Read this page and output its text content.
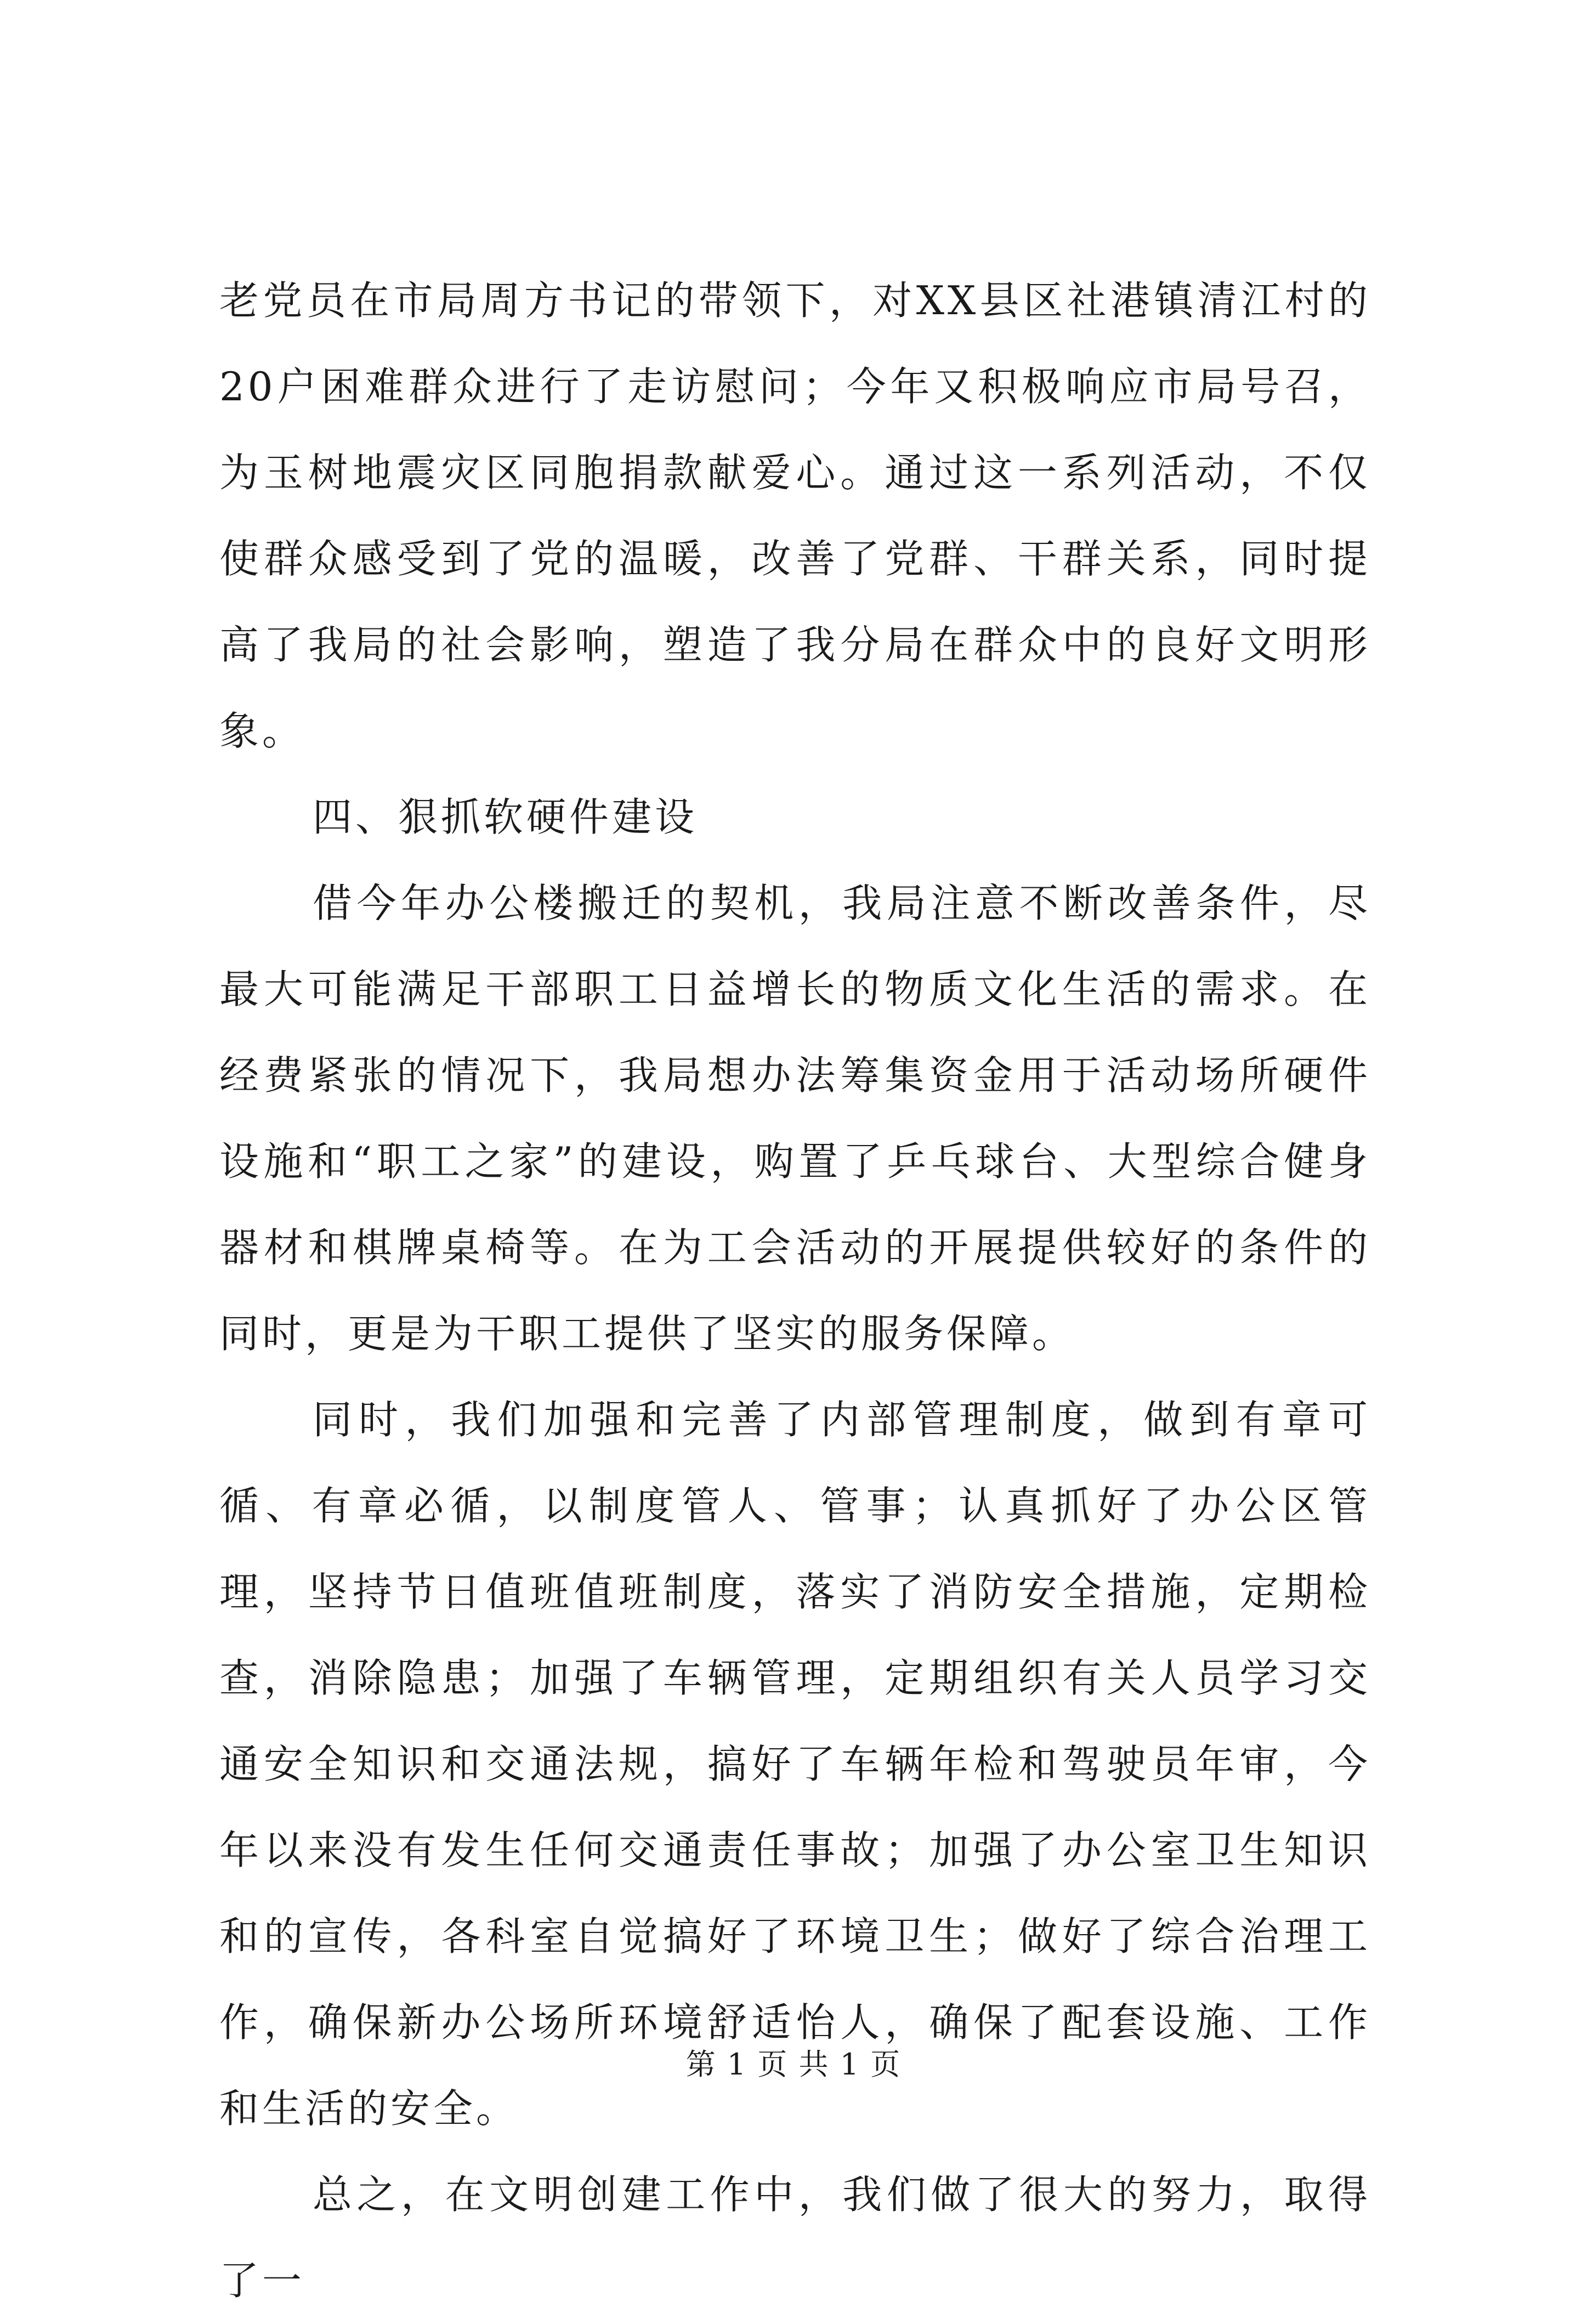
老党员在市局周方书记的带领下，对XX县区社港镇清江村的20户困难群众进行了走访慰问；今年又积极响应市局号召，为玉树地震灾区同胞捐款献爱心。通过这一系列活动，不仅使群众感受到了党的温暖，改善了党群、干群关系，同时提高了我局的社会影响，塑造了我分局在群众中的良好文明形象。

四、狠抓软硬件建设

借今年办公楼搬迁的契机，我局注意不断改善条件，尽最大可能满足干部职工日益增长的物质文化生活的需求。在经费紧张的情况下，我局想办法筹集资金用于活动场所硬件设施和“职工之家”的建设，购置了乒乓球台、大型综合健身器材和棋牌桌椅等。在为工会活动的开展提供较好的条件的同时，更是为干职工提供了坚实的服务保障。

同时，我们加强和完善了内部管理制度，做到有章可循、有章必循，以制度管人、管事；认真抓好了办公区管理，坚持节日值班值班制度，落实了消防安全措施，定期检查，消除隐患；加强了车辆管理，定期组织有关人员学习交通安全知识和交通法规，搞好了车辆年检和驾驶员年审，今年以来没有发生任何交通责任事故；加强了办公室卫生知识和的宣传，各科室自觉搞好了环境卫生；做好了综合治理工作，确保新办公场所环境舒适怡人，确保了配套设施、工作和生活的安全。

总之，在文明创建工作中，我们做了很大的努力，取得了一

第 1 页 共 1 页
